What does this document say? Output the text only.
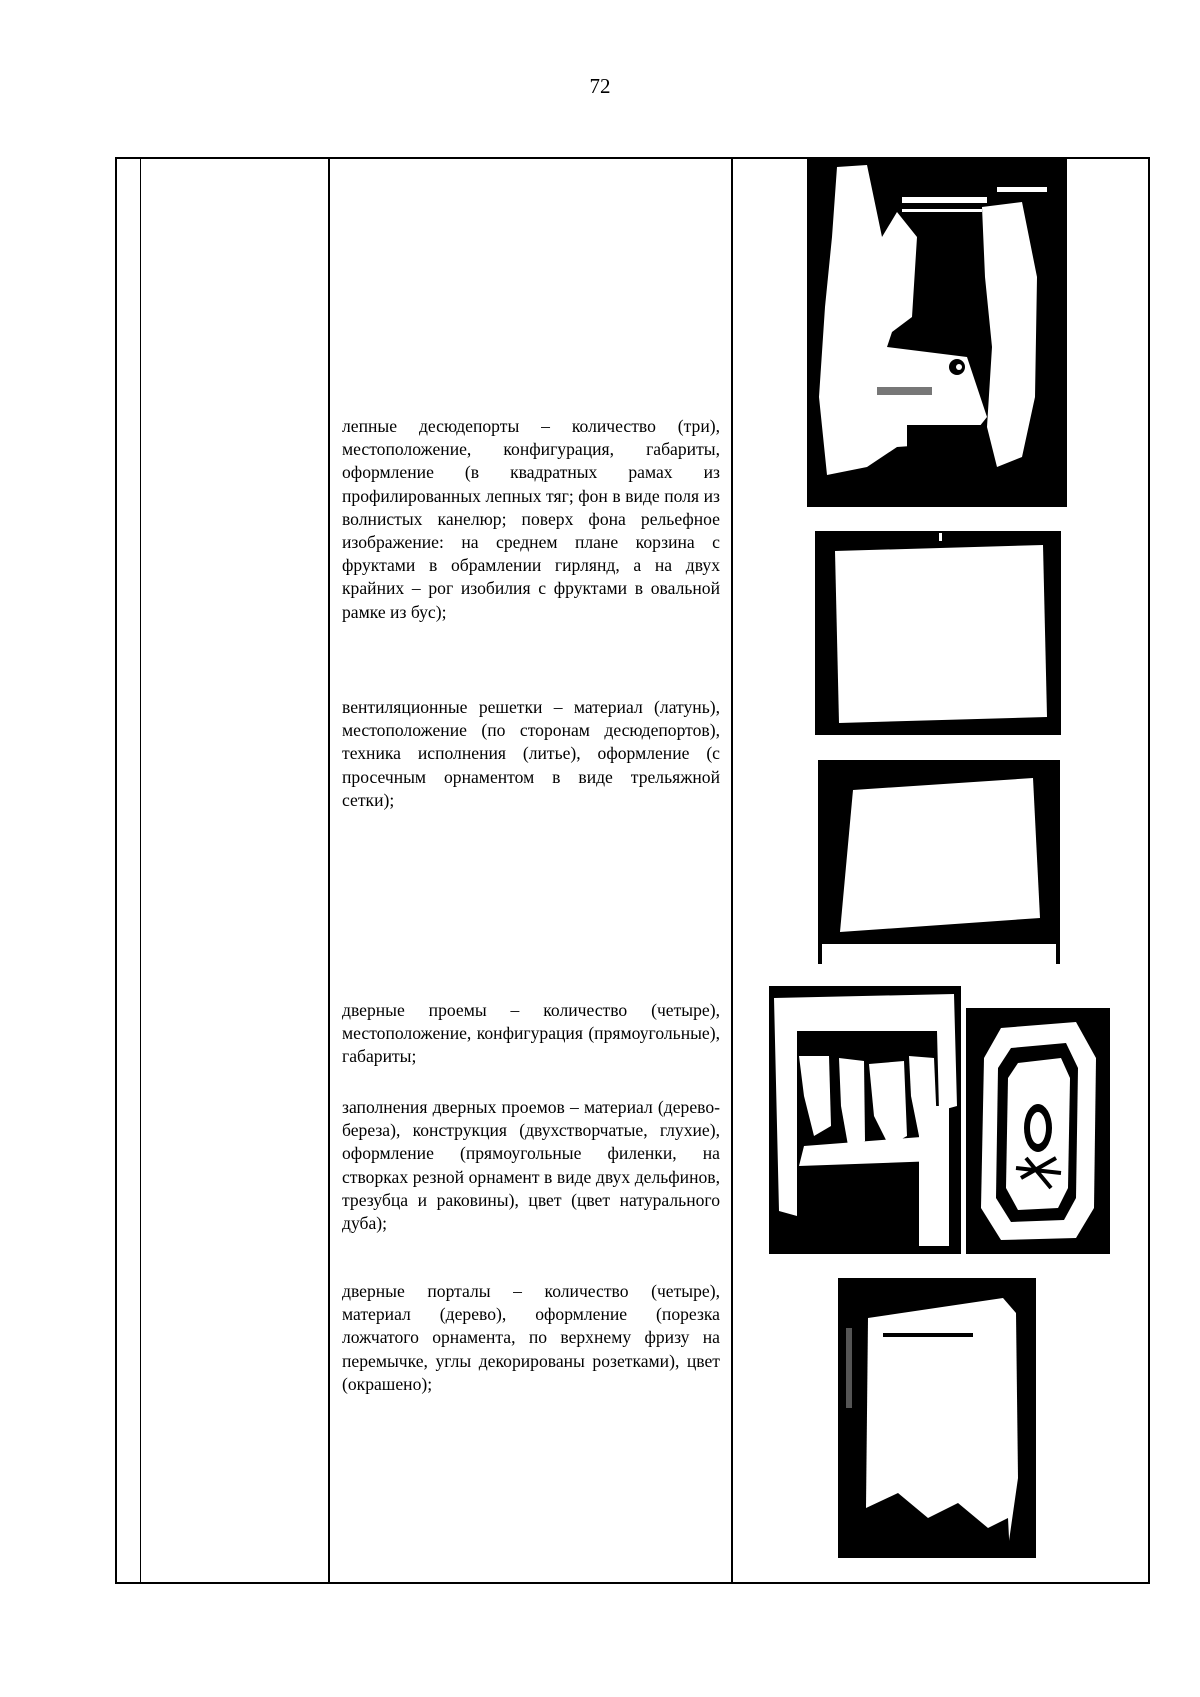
72
лепные десюдепорты – количество (три), местоположение, конфигурация, габариты, оформление (в квадратных рамах из профилированных лепных тяг; фон в виде поля из волнистых канелюр; поверх фона рельефное изображение: на среднем плане корзина с фруктами в обрамлении гирлянд, а на двух крайних – рог изобилия с фруктами в овальной рамке из бус);
вентиляционные решетки – материал (латунь), местоположение (по сторонам десюдепортов), техника исполнения (литье), оформление (с просечным орнаментом в виде трельяжной сетки);
дверные проемы – количество (четыре), местоположение, конфигурация (прямоугольные), габариты;
заполнения дверных проемов – материал (дерево-береза), конструкция (двухстворчатые, глухие), оформление (прямоугольные филенки, на створках резной орнамент в виде двух дельфинов, трезубца и раковины), цвет (цвет натурального дуба);
дверные порталы – количество (четыре), материал (дерево), оформление (порезка ложчатого орнамента, по верхнему фризу на перемычке, углы декорированы розетками), цвет (окрашено);
